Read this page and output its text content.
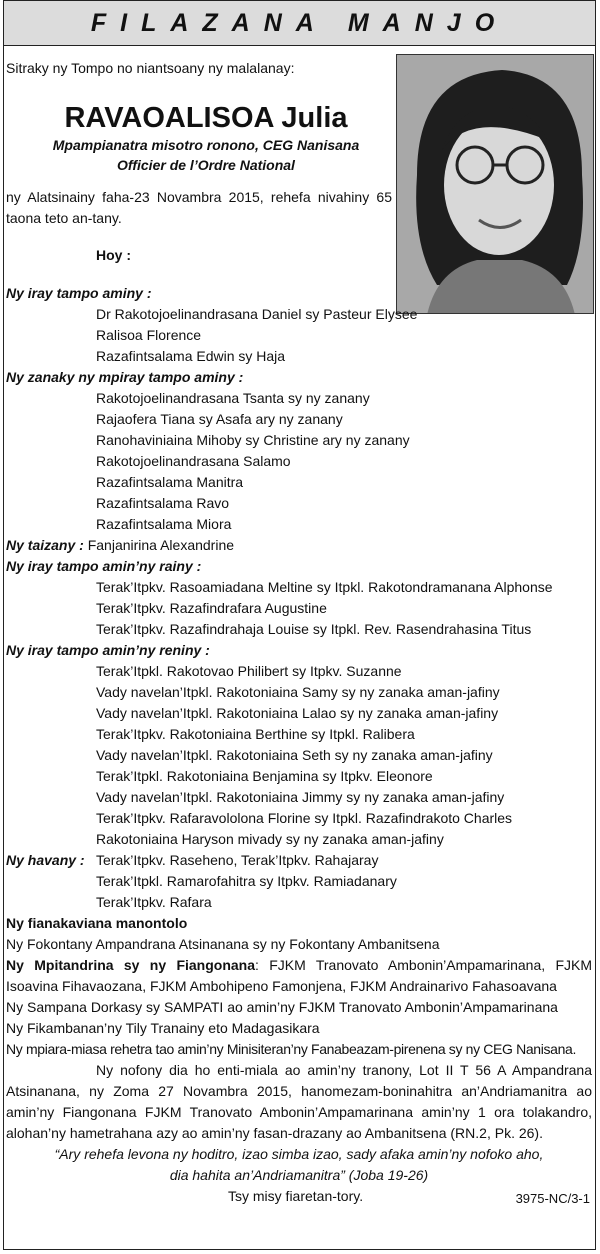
FILAZANA MANJO
Sitraky ny Tompo no niantsoany ny malalanay:
RAVAOALISOA Julia
Mpampianatra misotro ronono, CEG Nanisana
Officier de l’Ordre National
ny Alatsinainy faha-23 Novambra 2015, rehefa nivahiny 65 taona teto an-tany.
Hoy :
Ny iray tampo aminy :
Dr Rakotojoelinandrasana Daniel sy Pasteur Elysee
Ralisoa Florence
Razafintsalama Edwin sy Haja
Ny zanaky ny mpiray tampo aminy :
Rakotojoelinandrasana Tsanta sy ny zanany
Rajaofera Tiana sy Asafa ary ny zanany
Ranohaviniaina Mihoby sy Christine ary ny zanany
Rakotojoelinandrasana Salamo
Razafintsalama Manitra
Razafintsalama Ravo
Razafintsalama Miora
Ny taizany : Fanjanirina Alexandrine
Ny iray tampo amin’ny rainy :
Terak’Itpkv. Rasoamiadana Meltine sy Itpkl. Rakotondramanana Alphonse
Terak’Itpkv. Razafindrafara Augustine
Terak’Itpkv. Razafindrahaja Louise sy Itpkl. Rev. Rasendrahasina Titus
Ny iray tampo amin’ny reniny :
Terak’Itpkl. Rakotovao Philibert sy Itpkv. Suzanne
Vady navelan’Itpkl. Rakotoniaina Samy sy ny zanaka aman-jafiny
Vady navelan’Itpkl. Rakotoniaina Lalao sy ny zanaka aman-jafiny
Terak’Itpkv. Rakotoniaina Berthine sy Itpkl. Ralibera
Vady navelan’Itpkl. Rakotoniaina Seth sy ny zanaka aman-jafiny
Terak’Itpkl. Rakotoniaina Benjamina sy Itpkv. Eleonore
Vady navelan’Itpkl. Rakotoniaina Jimmy sy ny zanaka aman-jafiny
Terak’Itpkv. Rafaravololona Florine sy Itpkl. Razafindrakoto Charles
Rakotoniaina Haryson mivady sy ny zanaka aman-jafiny
Ny havany : Terak’Itpkv. Raseheno, Terak’Itpkv. Rahajaray
Terak’Itpkl. Ramarofahitra sy Itpkv. Ramiadanary
Terak’Itpkv. Rafara
Ny fianakaviana manontolo
Ny Fokontany Ampandrana Atsinanana sy ny Fokontany Ambanitsena
Ny Mpitandrina sy ny Fiangonana: FJKM Tranovato Ambonin’Ampamarinana, FJKM Isoavina Fihavaozana, FJKM Ambohipeno Famonjena, FJKM Andrainarivo Fahasoavana
Ny Sampana Dorkasy sy SAMPATI ao amin’ny FJKM Tranovato Ambonin’Ampamarinana
Ny Fikambanan’ny Tily Tranainy eto Madagasikara
Ny mpiara-miasa rehetra tao amin’ny Minisiteran’ny Fanabeazam-pirenena sy ny CEG Nanisana.
Ny nofony dia ho enti-miala ao amin’ny tranony, Lot II T 56 A Ampandrana Atsinanana, ny Zoma 27 Novambra 2015, hanomezam-boninahitra an’Andriamanitra ao amin’ny Fiangonana FJKM Tranovato Ambonin’Ampamarinana amin’ny 1 ora tolakandro, alohan’ny hametrahana azy ao amin’ny fasan-drazany ao Ambanitsena (RN.2, Pk. 26).
“Ary rehefa levona ny hoditro, izao simba izao, sady afaka amin’ny nofoko aho,
dia hahita an’Andriamanitra” (Joba 19-26)
Tsy misy fiaretan-tory.	3975-NC/3-1
